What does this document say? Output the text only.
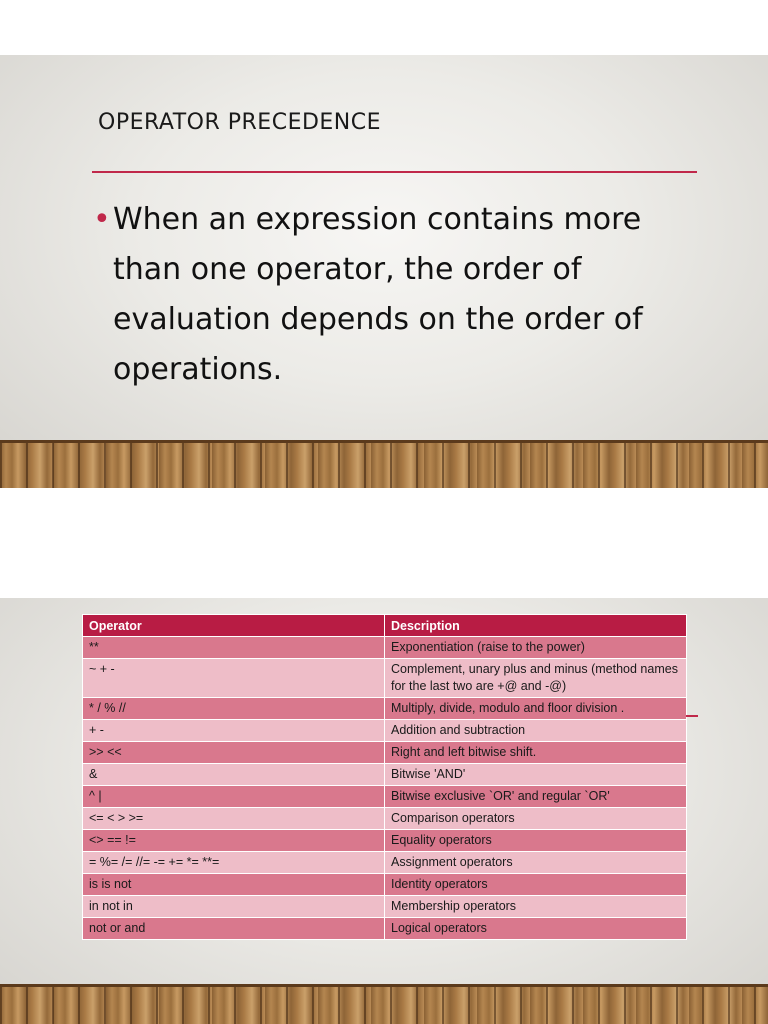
OPERATOR PRECEDENCE
• When an expression contains more than one operator, the order of evaluation depends on the order of operations.
Operator	Description
**	Exponentiation (raise to the power)
~ + -	Complement, unary plus and minus (method names for the last two are +@ and -@)
* / % //	Multiply, divide, modulo and floor division .
+ -	Addition and subtraction
>> <<	Right and left bitwise shift.
&	Bitwise 'AND'
^ |	Bitwise exclusive `OR' and regular `OR'
<= < > >=	Comparison operators
<> == !=	Equality operators
= %= /= //= -= += *= **=	Assignment operators
is is not	Identity operators
in not in	Membership operators
not or and	Logical operators
